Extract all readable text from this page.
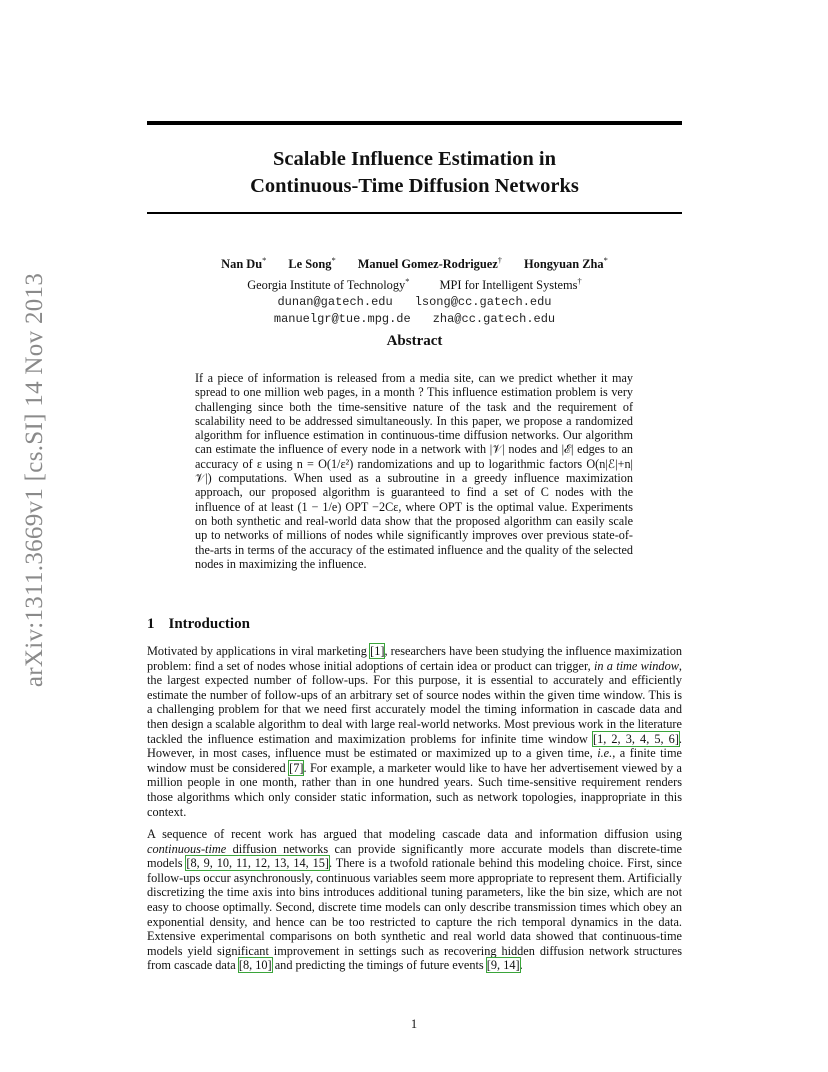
arXiv:1311.3669v1 [cs.SI] 14 Nov 2013
Scalable Influence Estimation in
Continuous-Time Diffusion Networks
Nan Du* Le Song* Manuel Gomez-Rodriguez† Hongyuan Zha*
Georgia Institute of Technology* MPI for Intelligent Systems†
dunan@gatech.edu lsong@cc.gatech.edu
manuelgr@tue.mpg.de zha@cc.gatech.edu
Abstract
If a piece of information is released from a media site, can we predict whether it may spread to one million web pages, in a month ? This influence estimation problem is very challenging since both the time-sensitive nature of the task and the requirement of scalability need to be addressed simultaneously. In this paper, we propose a randomized algorithm for influence estimation in continuous-time diffusion networks. Our algorithm can estimate the influence of every node in a network with |𝒱| nodes and |ℰ| edges to an accuracy of ε using n = O(1/ε²) randomizations and up to logarithmic factors O(n|ℰ|+n|𝒱|) computations. When used as a subroutine in a greedy influence maximization approach, our proposed algorithm is guaranteed to find a set of C nodes with the influence of at least (1 − 1/e) OPT −2Cε, where OPT is the optimal value. Experiments on both synthetic and real-world data show that the proposed algorithm can easily scale up to networks of millions of nodes while significantly improves over previous state-of-the-arts in terms of the accuracy of the estimated influence and the quality of the selected nodes in maximizing the influence.
1 Introduction
Motivated by applications in viral marketing [1], researchers have been studying the influence maximization problem: find a set of nodes whose initial adoptions of certain idea or product can trigger, in a time window, the largest expected number of follow-ups. For this purpose, it is essential to accurately and efficiently estimate the number of follow-ups of an arbitrary set of source nodes within the given time window. This is a challenging problem for that we need first accurately model the timing information in cascade data and then design a scalable algorithm to deal with large real-world networks. Most previous work in the literature tackled the influence estimation and maximization problems for infinite time window [1, 2, 3, 4, 5, 6]. However, in most cases, influence must be estimated or maximized up to a given time, i.e., a finite time window must be considered [7]. For example, a marketer would like to have her advertisement viewed by a million people in one month, rather than in one hundred years. Such time-sensitive requirement renders those algorithms which only consider static information, such as network topologies, inappropriate in this context.
A sequence of recent work has argued that modeling cascade data and information diffusion using continuous-time diffusion networks can provide significantly more accurate models than discrete-time models [8, 9, 10, 11, 12, 13, 14, 15]. There is a twofold rationale behind this modeling choice. First, since follow-ups occur asynchronously, continuous variables seem more appropriate to represent them. Artificially discretizing the time axis into bins introduces additional tuning parameters, like the bin size, which are not easy to choose optimally. Second, discrete time models can only describe transmission times which obey an exponential density, and hence can be too restricted to capture the rich temporal dynamics in the data. Extensive experimental comparisons on both synthetic and real world data showed that continuous-time models yield significant improvement in settings such as recovering hidden diffusion network structures from cascade data [8, 10] and predicting the timings of future events [9, 14].
1
